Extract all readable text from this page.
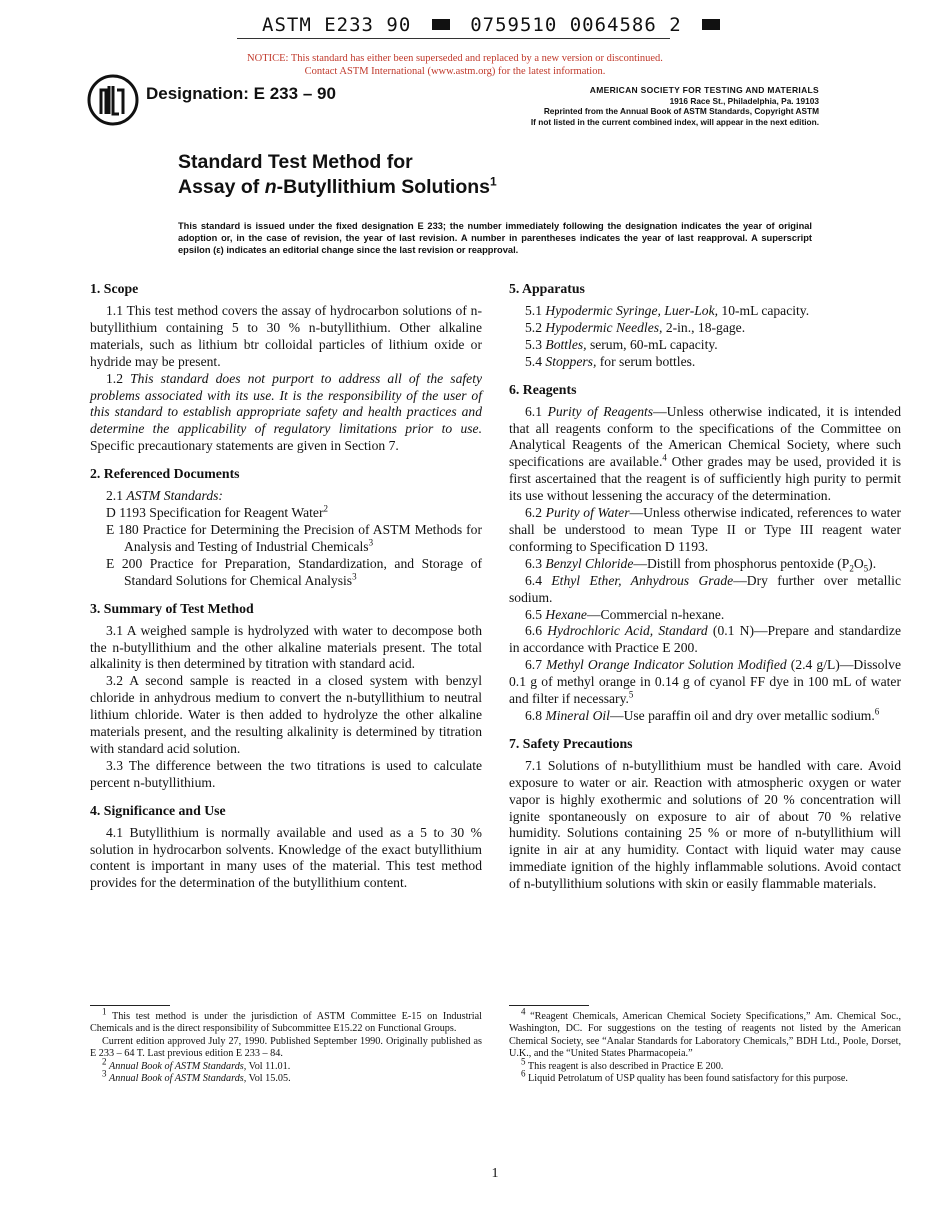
ASTM E233 90	0759510 0064586 2
NOTICE: This standard has either been superseded and replaced by a new version or discontinued.
Contact ASTM International (www.astm.org) for the latest information.
Designation: E 233 – 90	AMERICAN SOCIETY FOR TESTING AND MATERIALS
1916 Race St., Philadelphia, Pa. 19103
Reprinted from the Annual Book of ASTM Standards, Copyright ASTM
If not listed in the current combined index, will appear in the next edition.
Standard Test Method for
Assay of n-Butyllithium Solutions$^1$
This standard is issued under the fixed designation E 233; the number immediately following the designation indicates the year of original adoption or, in the case of revision, the year of last revision. A number in parentheses indicates the year of last reapproval. A superscript epsilon (ε) indicates an editorial change since the last revision or reapproval.
1. Scope

1.1 This test method covers the assay of hydrocarbon solutions of n-butyllithium containing 5 to 30 % n-butyllithium. Other alkaline materials, such as lithium btr colloidal particles of lithium oxide or hydride may be present.

1.2 This standard does not purport to address all of the safety problems associated with its use. It is the responsibility of the user of this standard to establish appropriate safety and health practices and determine the applicability of regulatory limitations prior to use. Specific precautionary statements are given in Section 7.

2. Referenced Documents

2.1 ASTM Standards:

D 1193 Specification for Reagent Water$^2$
E 180 Practice for Determining the Precision of ASTM Methods for Analysis and Testing of Industrial Chemicals$^3$
E 200 Practice for Preparation, Standardization, and Storage of Standard Solutions for Chemical Analysis$^3$
3. Summary of Test Method

3.1 A weighed sample is hydrolyzed with water to decompose both the n-butyllithium and the other alkaline materials present. The total alkalinity is then determined by titration with standard acid.

3.2 A second sample is reacted in a closed system with benzyl chloride in anhydrous medium to convert the n-butyllithium to neutral lithium chloride. Water is then added to hydrolyze the other alkaline materials present, and the resulting alkalinity is determined by titration with standard acid solution.

3.3 The difference between the two titrations is used to calculate percent n-butyllithium.

4. Significance and Use

4.1 Butyllithium is normally available and used as a 5 to 30 % solution in hydrocarbon solvents. Knowledge of the exact butyllithium content is important in many uses of the material. This test method provides for the determination of the butyllithium content.

5. Apparatus
5.1 Hypodermic Syringe, Luer-Lok, 10-mL capacity.
5.2 Hypodermic Needles, 2-in., 18-gage.
5.3 Bottles, serum, 60-mL capacity.
5.4 Stoppers, for serum bottles.
6. Reagents

6.1 Purity of Reagents—Unless otherwise indicated, it is intended that all reagents conform to the specifications of the Committee on Analytical Reagents of the American Chemical Society, where such specifications are available.$^4$ Other grades may be used, provided it is first ascertained that the reagent is of sufficiently high purity to permit its use without lessening the accuracy of the determination.

6.2 Purity of Water—Unless otherwise indicated, references to water shall be understood to mean Type II or Type III reagent water conforming to Specification D 1193.

6.3 Benzyl Chloride—Distill from phosphorus pentoxide $(P_2O_5)$.

6.4 Ethyl Ether, Anhydrous Grade—Dry further over metallic sodium.

6.5 Hexane—Commercial n-hexane.

6.6 Hydrochloric Acid, Standard (0.1 N)—Prepare and standardize in accordance with Practice E 200.

6.7 Methyl Orange Indicator Solution Modified (2.4 g/L)—Dissolve 0.1 g of methyl orange in 0.14 g of cyanol FF dye in 100 mL of water and filter if necessary.$^5$

6.8 Mineral Oil—Use paraffin oil and dry over metallic sodium.$^6$

7. Safety Precautions

7.1 Solutions of n-butyllithium must be handled with care. Avoid exposure to water or air. Reaction with atmospheric oxygen or water vapor is highly exothermic and solutions of 20 % concentration will ignite spontaneously on exposure to air of about 70 % relative humidity. Solutions containing 25 % or more of n-butyllithium will ignite in air at any humidity. Contact with liquid water may cause immediate ignition of the highly inflammable solutions. Avoid contact of n-butyllithium solutions with skin or easily flammable materials.

$^1$ This test method is under the jurisdiction of ASTM Committee E-15 on Industrial Chemicals and is the direct responsibility of Subcommittee E15.22 on Functional Groups.

Current edition approved July 27, 1990. Published September 1990. Originally published as E 233 – 64 T. Last previous edition E 233 – 84.

$^2$ Annual Book of ASTM Standards, Vol 11.01.

$^3$ Annual Book of ASTM Standards, Vol 15.05.

$^4$ “Reagent Chemicals, American Chemical Society Specifications,” Am. Chemical Soc., Washington, DC. For suggestions on the testing of reagents not listed by the American Chemical Society, see “Analar Standards for Laboratory Chemicals,” BDH Ltd., Poole, Dorset, U.K., and the “United States Pharmacopeia.”

$^5$ This reagent is also described in Practice E 200.

$^6$ Liquid Petrolatum of USP quality has been found satisfactory for this purpose.

1
